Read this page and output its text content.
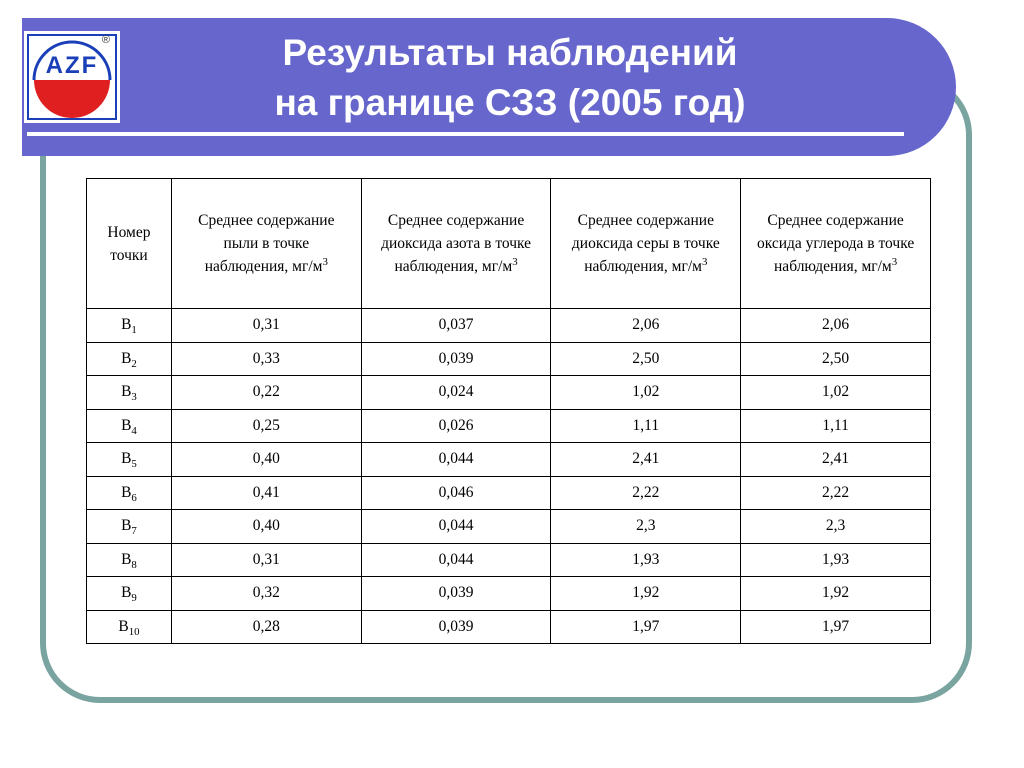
AZF
®	Результаты наблюдений
на границе СЗЗ (2005 год)
Номер точки	Среднее содержание пыли в точке наблюдения, $мг/м^3$	Среднее содержание диоксида азота в точке наблюдения, $мг/м^3$	Среднее содержание диоксида серы в точке наблюдения, $мг/м^3$	Среднее содержание оксида углерода в точке наблюдения, $мг/м^3$
$В_1$	0,31	0,037	2,06	2,06
$В_2$	0,33	0,039	2,50	2,50
$В_3$	0,22	0,024	1,02	1,02
$В_4$	0,25	0,026	1,11	1,11
$В_5$	0,40	0,044	2,41	2,41
$В_6$	0,41	0,046	2,22	2,22
$В_7$	0,40	0,044	2,3	2,3
$В_8$	0,31	0,044	1,93	1,93
$В_9$	0,32	0,039	1,92	1,92
$В_{10}$	0,28	0,039	1,97	1,97
